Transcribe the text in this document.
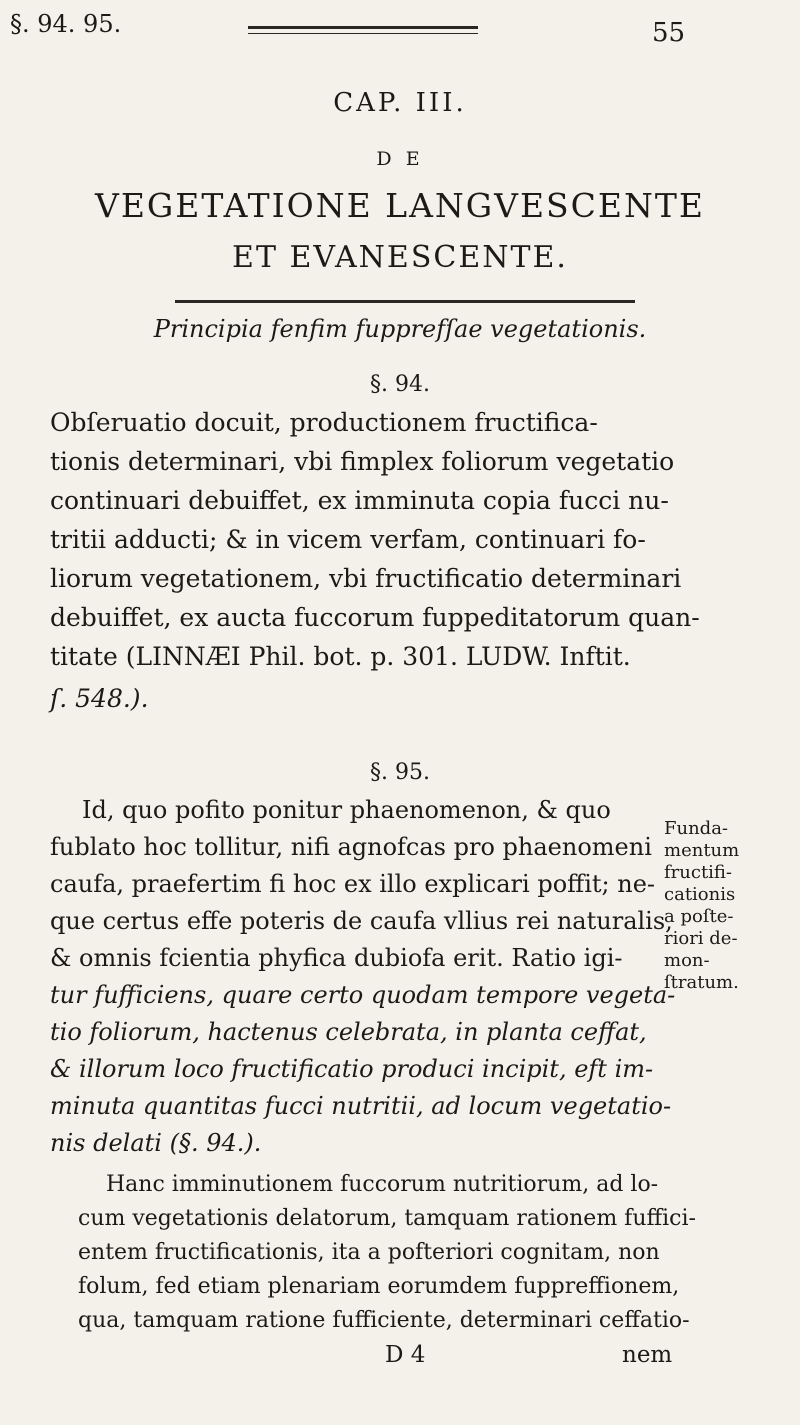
§. 94. 95.	55
CAP. III.
D E
VEGETATIONE LANGVESCENTE
ET EVANESCENTE.
Principia fenfim fupprefſae vegetationis.
§. 94.
Obſeruatio docuit, productionem fructifica-
tionis determinari, vbi fimplex foliorum vegetatio
continuari debuiffet, ex imminuta copia fucci nu-
tritii adducti; & in vicem verfam, continuari fo-
liorum vegetationem, vbi fructificatio determinari
debuiffet, ex aucta fuccorum fuppeditatorum quan-
titate (LINNÆI Phil. bot. p. 301. LUDW. Inftit.
ſ. 548.).
§. 95.
Id, quo pofito ponitur phaenomenon, & quo
fublato hoc tollitur, nifi agnofcas pro phaenomeni
caufa, praefertim fi hoc ex illo explicari poffit; ne-
que certus effe poteris de caufa vllius rei naturalis,
& omnis fcientia phyfica dubiofa erit. Ratio igi-
tur fufficiens, quare certo quodam tempore vegeta-
tio foliorum, hactenus celebrata, in planta ceffat,
& illorum loco fructificatio produci incipit, eft im-
minuta quantitas fucci nutritii, ad locum vegetatio-
nis delati (§. 94.).
Funda-
mentum
fructifi-
cationis
a poſte-
riori de-
mon-
ſtratum.
Hanc imminutionem fuccorum nutritiorum, ad lo-
cum vegetationis delatorum, tamquam rationem fuffici-
entem fructificationis, ita a pofteriori cognitam, non
folum, fed etiam plenariam eorumdem fuppreffionem,
qua, tamquam ratione fufficiente, determinari ceffatio-
D 4	nem
